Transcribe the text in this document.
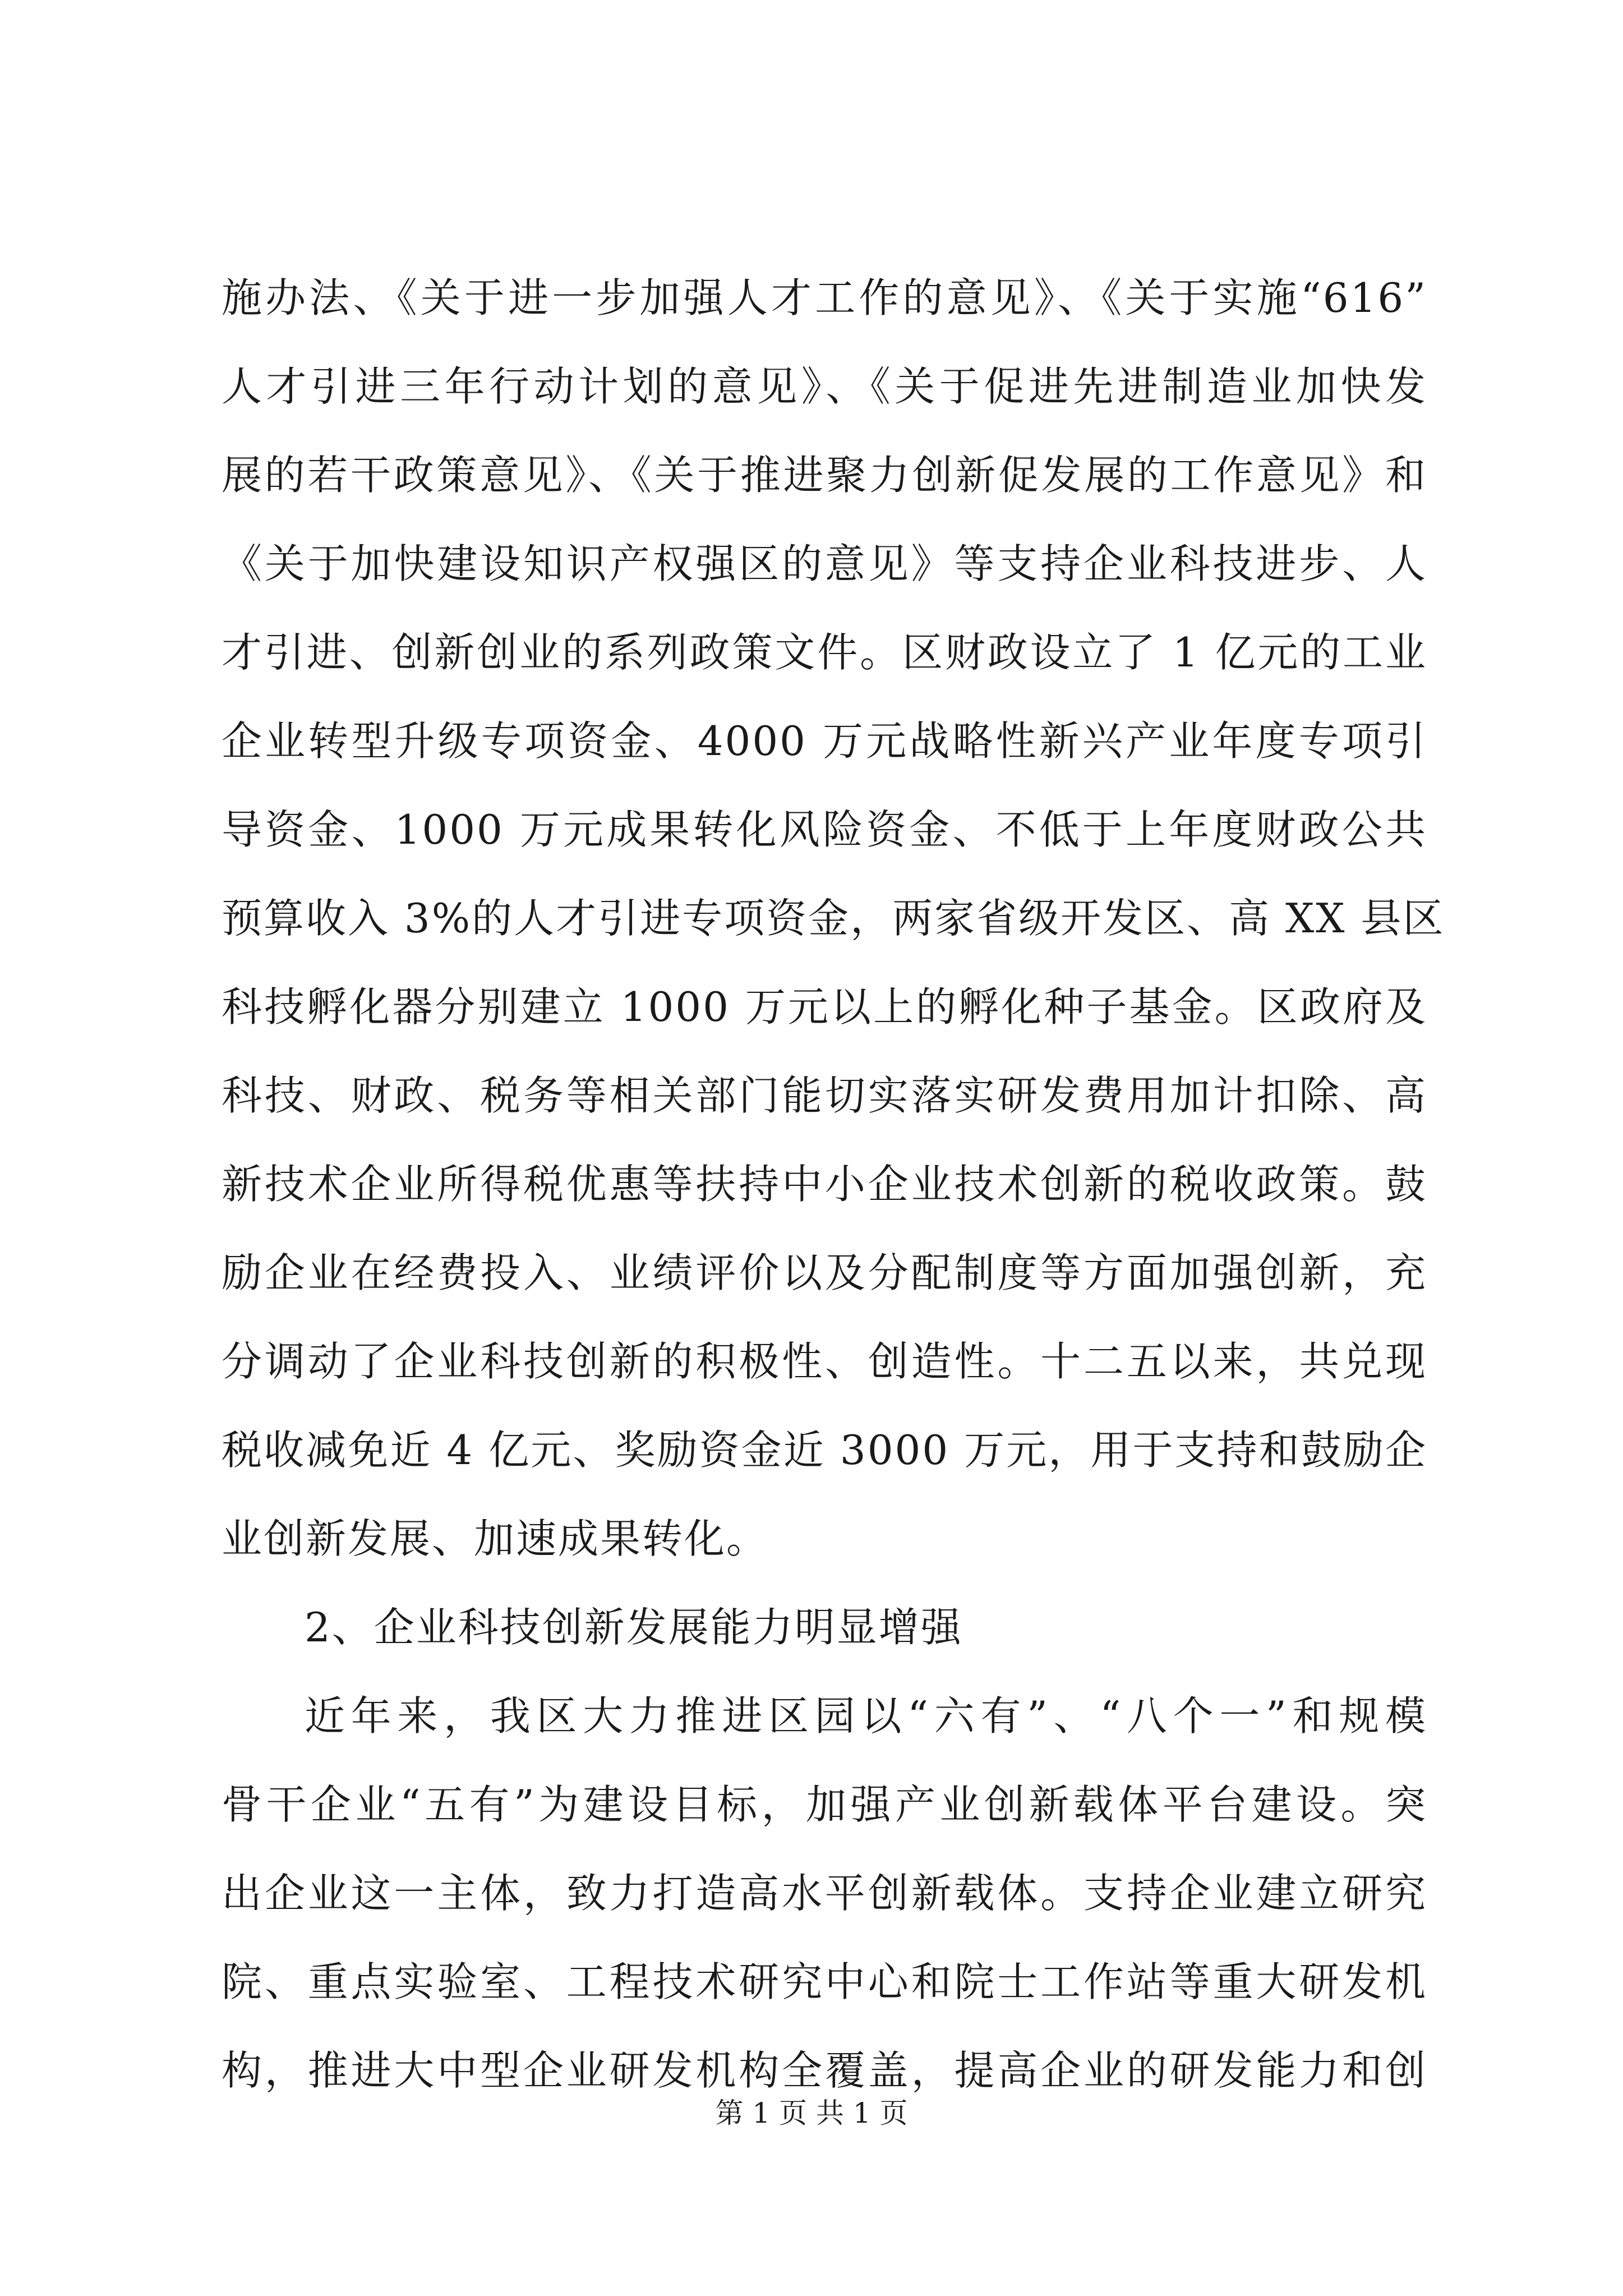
施办法、《关于进一步加强人才工作的意见》、《关于实施“616”
人才引进三年行动计划的意见》、《关于促进先进制造业加快发
展的若干政策意见》、《关于推进聚力创新促发展的工作意见》和
《关于加快建设知识产权强区的意见》等支持企业科技进步、人
才引进、创新创业的系列政策文件。区财政设立了 1 亿元的工业
企业转型升级专项资金、4000 万元战略性新兴产业年度专项引
导资金、1000 万元成果转化风险资金、不低于上年度财政公共
预算收入 3%的人才引进专项资金，两家省级开发区、高 XX 县区
科技孵化器分别建立 1000 万元以上的孵化种子基金。区政府及
科技、财政、税务等相关部门能切实落实研发费用加计扣除、高
新技术企业所得税优惠等扶持中小企业技术创新的税收政策。鼓
励企业在经费投入、业绩评价以及分配制度等方面加强创新，充
分调动了企业科技创新的积极性、创造性。十二五以来，共兑现
税收减免近 4 亿元、奖励资金近 3000 万元，用于支持和鼓励企
业创新发展、加速成果转化。
2、企业科技创新发展能力明显增强
近年来，我区大力推进区园以“六有”、“八个一”和规模
骨干企业“五有”为建设目标，加强产业创新载体平台建设。突
出企业这一主体，致力打造高水平创新载体。支持企业建立研究
院、重点实验室、工程技术研究中心和院士工作站等重大研发机
构，推进大中型企业研发机构全覆盖，提高企业的研发能力和创
第 1 页 共 1 页
